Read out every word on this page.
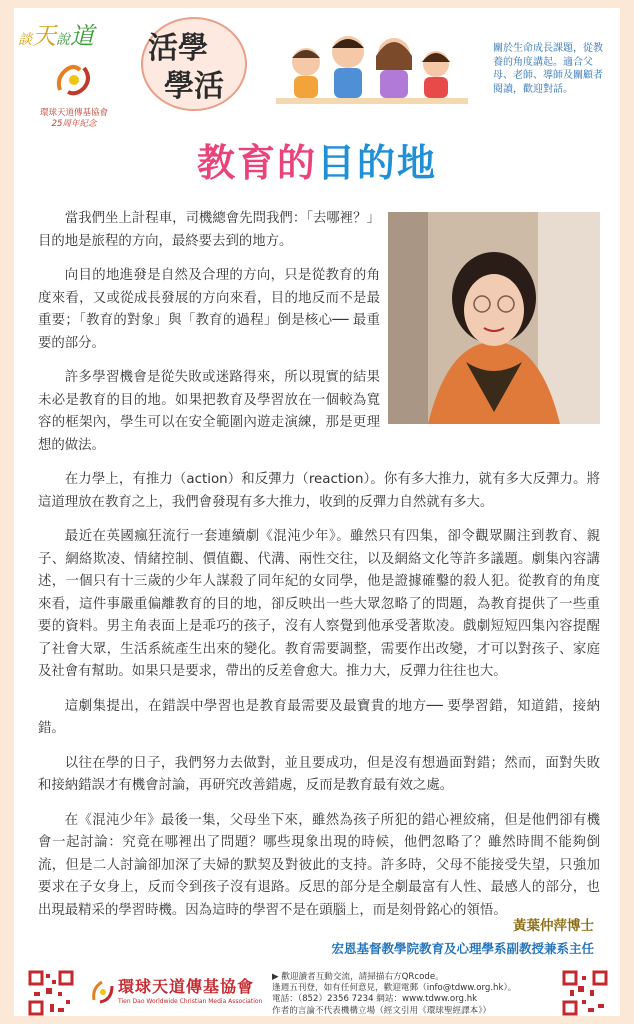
談天說道
環球天道傳基協會
25周年紀念
活學
學活
關於生命成長課題，從教養的角度講起。適合父母、老師、導師及關顧者閱讀，歡迎對話。
教育的目的地

當我們坐上計程車，司機總會先問我們：「去哪裡？」目的地是旅程的方向，最終要去到的地方。

向目的地進發是自然及合理的方向，只是從教育的角度來看，又或從成長發展的方向來看，目的地反而不是最重要；「教育的對象」與「教育的過程」倒是核心── 最重要的部分。

許多學習機會是從失敗或迷路得來，所以現實的結果未必是教育的目的地。如果把教育及學習放在一個較為寬容的框架內，學生可以在安全範圍內遊走演練，那是更理想的做法。

在力學上，有推力（action）和反彈力（reaction）。你有多大推力，就有多大反彈力。將這道理放在教育之上，我們會發現有多大推力，收到的反彈力自然就有多大。

最近在英國瘋狂流行一套連續劇《混沌少年》。雖然只有四集，卻令觀眾關注到教育、親子、網絡欺凌、情緒控制、價值觀、代溝、兩性交往，以及網絡文化等許多議題。劇集內容講述，一個只有十三歲的少年人謀殺了同年紀的女同學，他是證據確鑿的殺人犯。從教育的角度來看，這件事嚴重偏離教育的目的地，卻反映出一些大眾忽略了的問題，為教育提供了一些重要的資料。男主角表面上是乖巧的孩子，沒有人察覺到他承受著欺凌。戲劇短短四集內容提醒了社會大眾，生活系統產生出來的變化。教育需要調整，需要作出改變，才可以對孩子、家庭及社會有幫助。如果只是要求，帶出的反差會愈大。推力大，反彈力往往也大。

這劇集提出，在錯誤中學習也是教育最需要及最寶貴的地方── 要學習錯，知道錯，接納錯。

以往在學的日子，我們努力去做對，並且要成功，但是沒有想過面對錯；然而，面對失敗和接納錯誤才有機會討論，再研究改善錯處，反而是教育最有效之處。

在《混沌少年》最後一集，父母坐下來，雖然為孩子所犯的錯心裡絞痛，但是他們卻有機會一起討論：究竟在哪裡出了問題？哪些現象出現的時候，他們忽略了？雖然時間不能夠倒流，但是二人討論卻加深了夫婦的默契及對彼此的支持。許多時，父母不能接受失望，只強加要求在子女身上，反而令到孩子沒有退路。反思的部分是全劇最富有人性、最感人的部分，也出現最精采的學習時機。因為這時的學習不是在頭腦上，而是刻骨銘心的領悟。

黃葉仲萍博士
宏恩基督教學院教育及心理學系副教授兼系主任
環球天道傳基協會
Tien Dao Worldwide Christian Media Association
▶ 歡迎讀者互動交流，請掃描右方QRcode。
逢週五刊登，如有任何意見，歡迎電郵（info@tdww.org.hk）。
電話：（852）2356 7234 網站：www.tdww.org.hk
作者的言論不代表機構立場（經文引用《環球聖經譯本》）
